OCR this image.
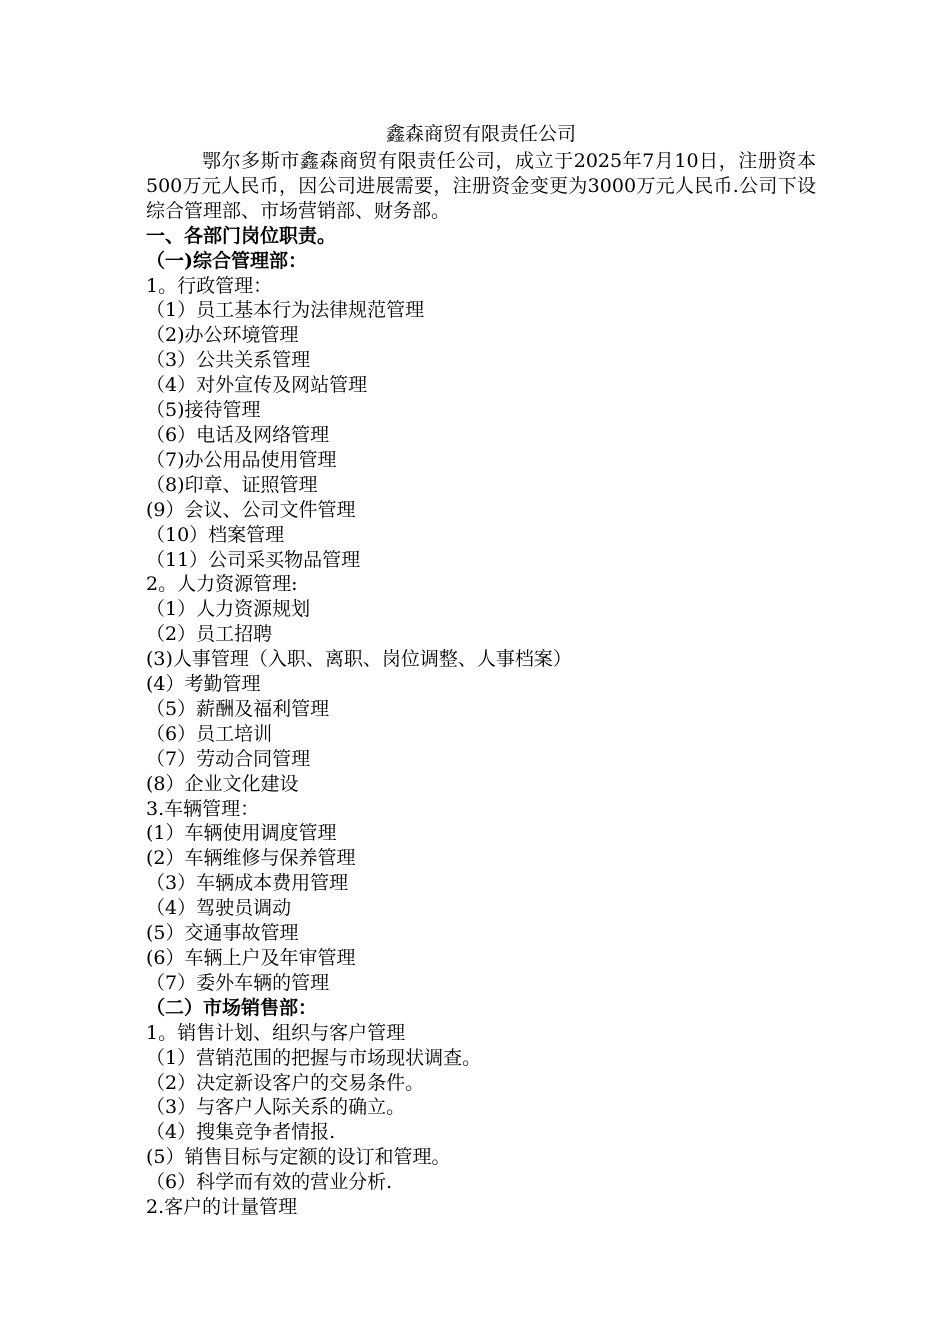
鑫森商贸有限责任公司

鄂尔多斯市鑫森商贸有限责任公司，成立于2025年7月10日，注册资本 500万元人民币，因公司进展需要，注册资金变更为3000万元人民币.公司下设综合管理部、市场营销部、财务部。

一、各部门岗位职责。

（一)综合管理部：

1。行政管理：

（1）员工基本行为法律规范管理

（2)办公环境管理

（3）公共关系管理

（4）对外宣传及网站管理

（5)接待管理

（6）电话及网络管理

（7)办公用品使用管理

（8)印章、证照管理

(9）会议、公司文件管理

（10）档案管理

（11）公司采买物品管理

2。人力资源管理:

（1）人力资源规划

（2）员工招聘

(3)人事管理（入职、离职、岗位调整、人事档案）

(4）考勤管理

（5）薪酬及福利管理

（6）员工培训

（7）劳动合同管理

(8）企业文化建设

3.车辆管理：

(1）车辆使用调度管理

(2）车辆维修与保养管理

（3）车辆成本费用管理

（4）驾驶员调动

(5）交通事故管理

(6）车辆上户及年审管理

（7）委外车辆的管理

（二）市场销售部：

1。销售计划、组织与客户管理

（1）营销范围的把握与市场现状调查。

（2）决定新设客户的交易条件。

（3）与客户人际关系的确立。

（4）搜集竞争者情报.

(5）销售目标与定额的设订和管理。

（6）科学而有效的营业分析.

2.客户的计量管理
